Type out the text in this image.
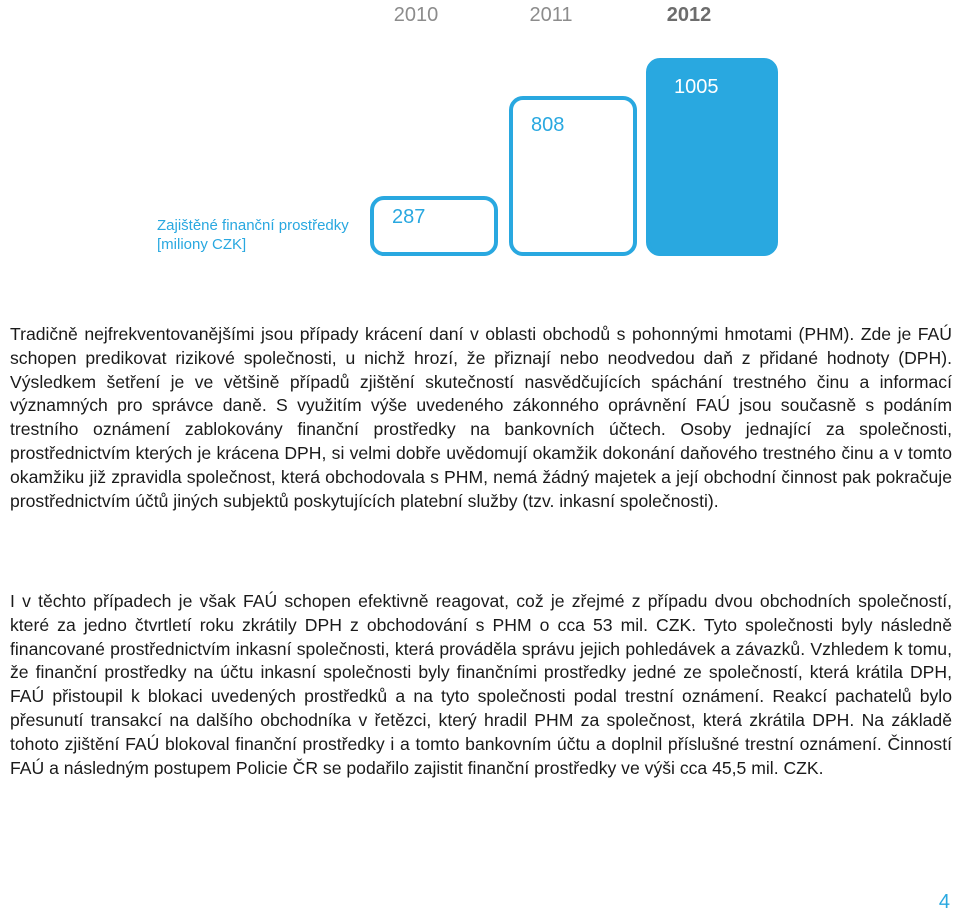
2010	2011	2012
Zajištěné finanční prostředky [miliony CZK]
287
808
1005
Tradičně nejfrekventovanějšími jsou případy krácení daní v oblasti obchodů s pohonnými hmotami (PHM). Zde je FAÚ schopen predikovat rizikové společnosti, u nichž hrozí, že přiznají nebo neodvedou daň z přidané hodnoty (DPH). Výsledkem šetření je ve většině případů zjištění skutečností nasvědčujících spáchání trestného činu a informací významných pro správce daně. S využitím výše uvedeného zákonného oprávnění FAÚ jsou současně s podáním trestního oznámení zablokovány finanční prostředky na bankovních účtech. Osoby jednající za společnosti, prostřednictvím kterých je krácena DPH, si velmi dobře uvědomují okamžik dokonání daňového trestného činu a v tomto okamžiku již zpravidla společnost, která obchodovala s PHM, nemá žádný majetek a její obchodní činnost pak pokračuje prostřednictvím účtů jiných subjektů poskytujících platební služby (tzv. inkasní společnosti).
I v těchto případech je však FAÚ schopen efektivně reagovat, což je zřejmé z případu dvou obchodních společností, které za jedno čtvrtletí roku zkrátily DPH z obchodování s PHM o cca 53 mil. CZK. Tyto společnosti byly následně financované prostřednictvím inkasní společnosti, která prováděla správu jejich pohledávek a závazků. Vzhledem k tomu, že finanční prostředky na účtu inkasní společnosti byly finančními prostředky jedné ze společností, která krátila DPH, FAÚ přistoupil k blokaci uvedených prostředků a na tyto společnosti podal trestní oznámení. Reakcí pachatelů bylo přesunutí transakcí na dalšího obchodníka v řetězci, který hradil PHM za společnost, která zkrátila DPH. Na základě tohoto zjištění FAÚ blokoval finanční prostředky i a tomto bankovním účtu a doplnil příslušné trestní oznámení. Činností FAÚ a následným postupem Policie ČR se podařilo zajistit finanční prostředky ve výši cca 45,5 mil. CZK.
4
